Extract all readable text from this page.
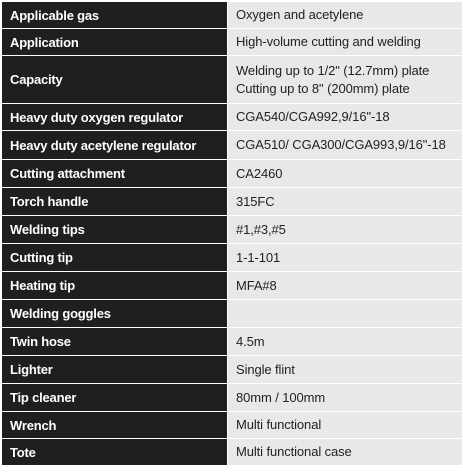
Applicable gas	Oxygen and acetylene

Application	High-volume cutting and welding

Capacity	Welding up to 1/2" (12.7mm) plate
Cutting up to 8" (200mm) plate

Heavy duty oxygen regulator	CGA540/CGA992,9/16"-18

Heavy duty acetylene regulator	CGA510/ CGA300/CGA993,9/16"-18

Cutting attachment	CA2460

Torch handle	315FC

Welding tips	#1,#3,#5

Cutting tip	1-1-101

Heating tip	MFA#8

Welding goggles	

Twin hose	4.5m

Lighter	Single flint

Tip cleaner	80mm / 100mm

Wrench	Multi functional

Tote	Multi functional case
